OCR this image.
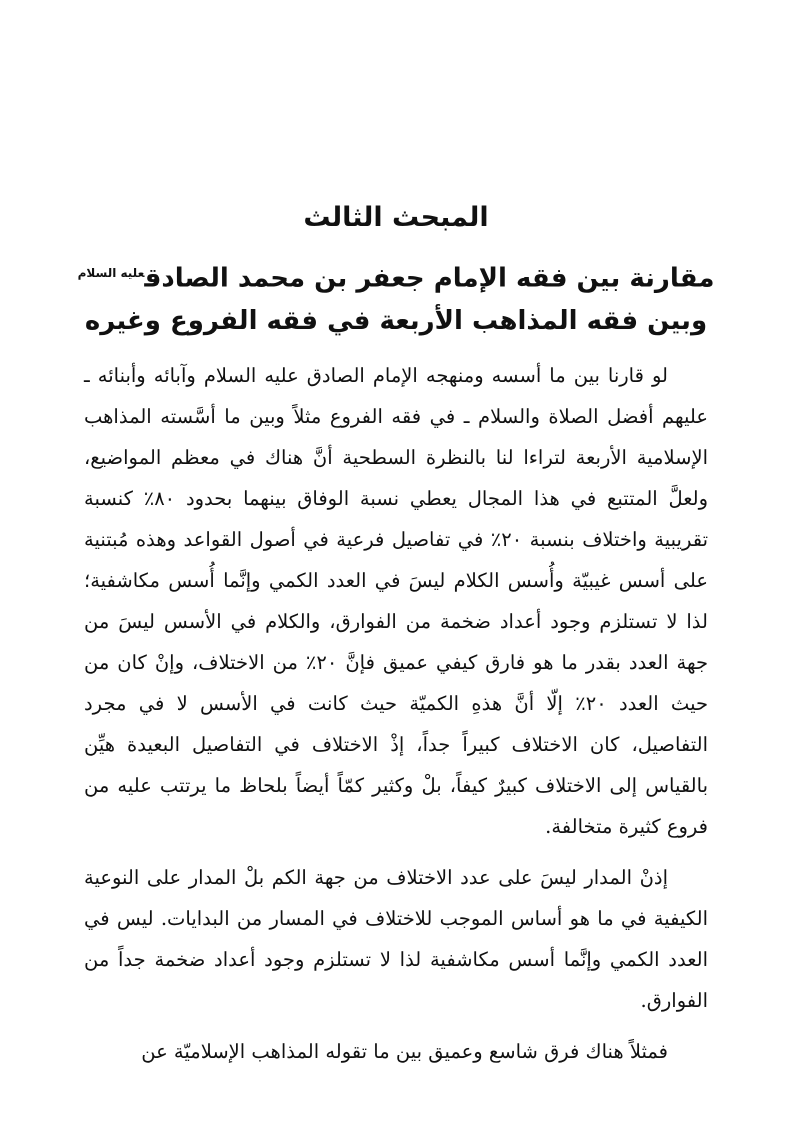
المبحث الثالث
مقارنة بين فقه الإمام جعفر بن محمد الصادق$^{عليه السلام}$
وبين فقه المذاهب الأربعة في فقه الفروع وغيره

لو قارنا بين ما أسسه ومنهجه الإمام الصادق عليه السلام وآبائه وأبنائه ـ عليهم أفضل الصلاة والسلام ـ في فقه الفروع مثلاً وبين ما أسَّسته المذاهب الإسلامية الأربعة لتراءا لنا بالنظرة السطحية أنَّ هناك في معظم المواضيع، ولعلَّ المتتبع في هذا المجال يعطي نسبة الوفاق بينهما بحدود ٨٠٪ كنسبة تقريبية واختلاف بنسبة ٢٠٪ في تفاصيل فرعية في أصول القواعد وهذه مُبتنية على أسس غيبيّة وأُسس الكلام ليسَ في العدد الكمي وإنَّما أُسس مكاشفية؛ لذا لا تستلزم وجود أعداد ضخمة من الفوارق، والكلام في الأسس ليسَ من جهة العدد بقدر ما هو فارق كيفي عميق فإنَّ ٢٠٪ من الاختلاف، وإنْ كان من حيث العدد ٢٠٪ إلّا أنَّ هذهِ الكميّة حيث كانت في الأسس لا في مجرد التفاصيل، كان الاختلاف كبيراً جداً، إذْ الاختلاف في التفاصيل البعيدة هيِّن بالقياس إلى الاختلاف كبيرٌ كيفاً، بلْ وكثير كمّاً أيضاً بلحاظ ما يرتتب عليه من فروع كثيرة متخالفة.

إذنْ المدار ليسَ على عدد الاختلاف من جهة الكم بلْ المدار على النوعية الكيفية في ما هو أساس الموجب للاختلاف في المسار من البدايات. ليس في العدد الكمي وإنَّما أسس مكاشفية لذا لا تستلزم وجود أعداد ضخمة جداً من الفوارق.

فمثلاً هناك فرق شاسع وعميق بين ما تقوله المذاهب الإسلاميّة عن
